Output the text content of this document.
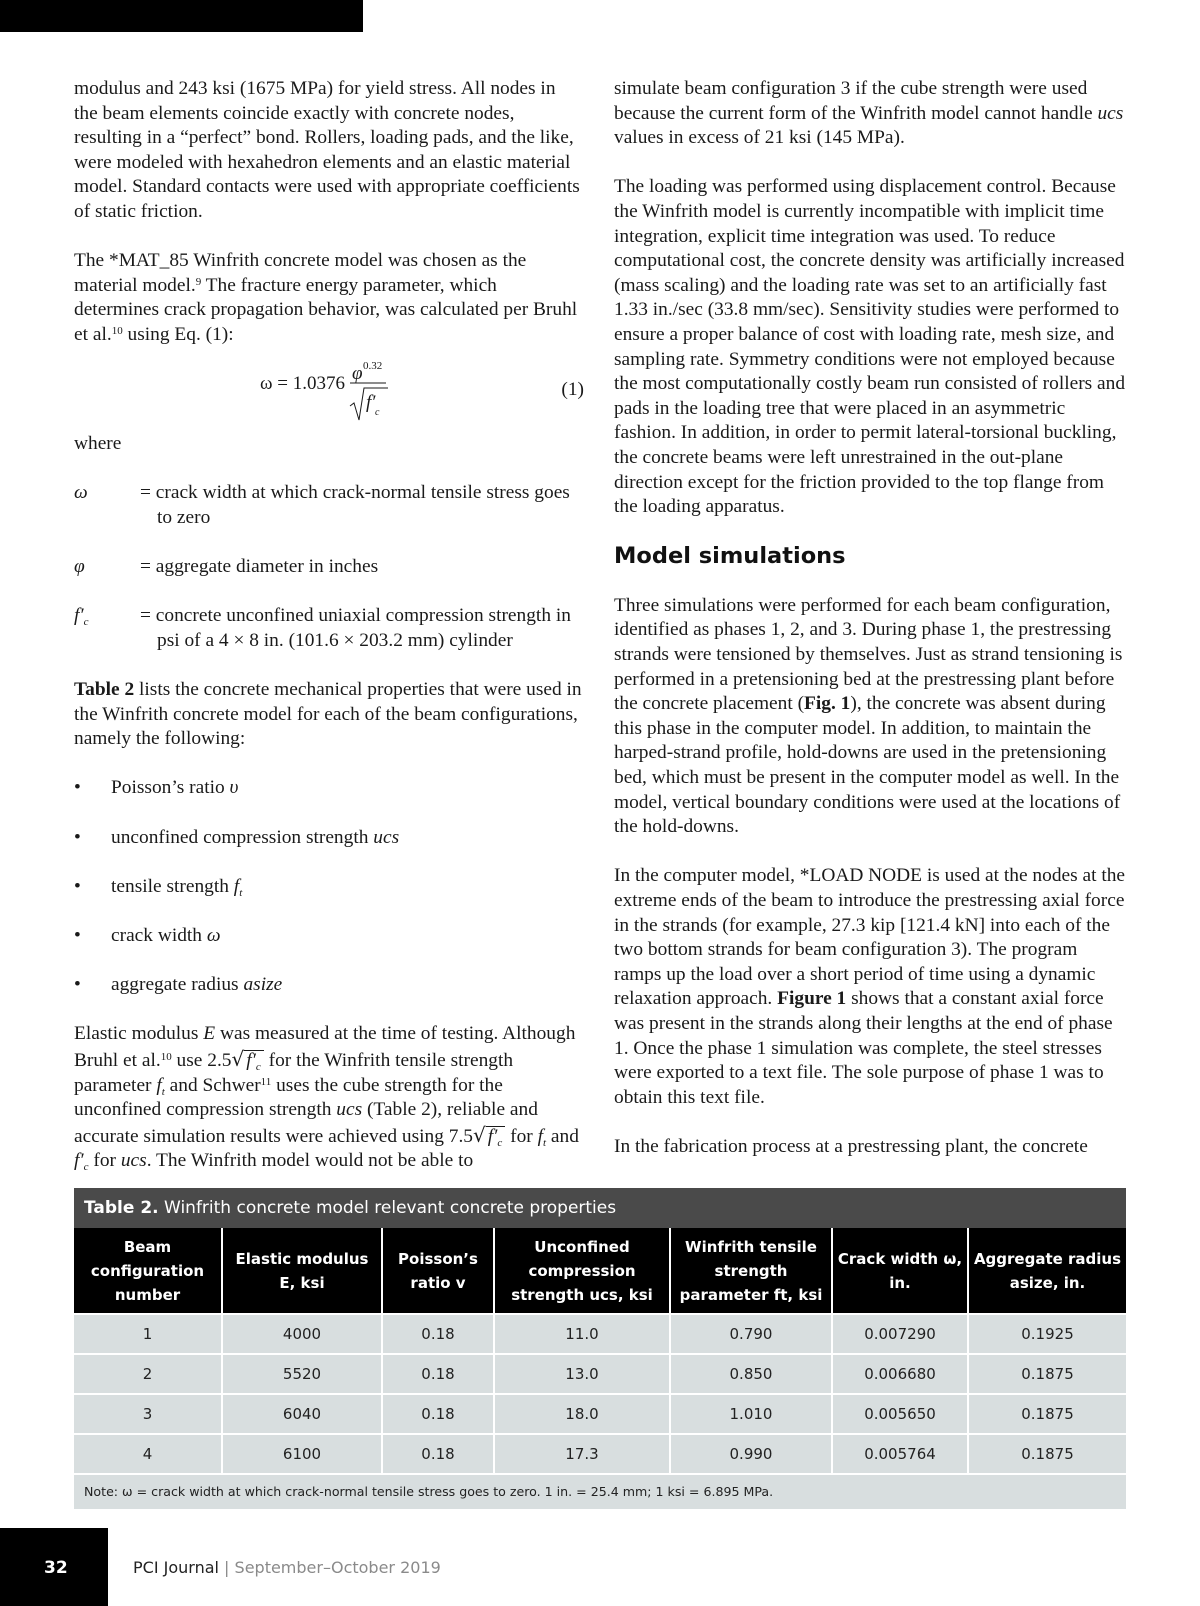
modulus and 243 ksi (1675 MPa) for yield stress. All nodes in the beam elements coincide exactly with concrete nodes, resulting in a “perfect” bond. Rollers, loading pads, and the like, were modeled with hexahedron elements and an elastic material model. Standard contacts were used with appropriate coefficients of static friction.

The *MAT_85 Winfrith concrete model was chosen as the material model.$^9$ The fracture energy parameter, which determines crack propagation behavior, was calculated per Bruhl et al.$^{10}$ using Eq. (1):

ω = 1.0376 φ 0.32
f′ c
(1)

where

ω	= crack width at which crack-normal tensile stress goes to zero
φ	= aggregate diameter in inches
$f'_c$	= concrete unconfined uniaxial compression strength in psi of a 4 × 8 in. (101.6 × 203.2 mm) cylinder

Table 2 lists the concrete mechanical properties that were used in the Winfrith concrete model for each of the beam configurations, namely the following:

•	Poisson’s ratio υ
•	unconfined compression strength ucs
•	tensile strength $f_t$
•	crack width ω
•	aggregate radius asize

Elastic modulus E was measured at the time of testing. Although Bruhl et al.$^{10}$ use 2.5√ $f'_c$ for the Winfrith tensile strength parameter $f_t$ and Schwer$^{11}$ uses the cube strength for the unconfined compression strength ucs (Table 2), reliable and accurate simulation results were achieved using 7.5√ $f'_c$ for $f_t$ and $f'_c$ for ucs. The Winfrith model would not be able to

simulate beam configuration 3 if the cube strength were used because the current form of the Winfrith model cannot handle ucs values in excess of 21 ksi (145 MPa).

The loading was performed using displacement control. Because the Winfrith model is currently incompatible with implicit time integration, explicit time integration was used. To reduce computational cost, the concrete density was artificially increased (mass scaling) and the loading rate was set to an artificially fast 1.33 in./sec (33.8 mm/sec). Sensitivity studies were performed to ensure a proper balance of cost with loading rate, mesh size, and sampling rate. Symmetry conditions were not employed because the most computationally costly beam run consisted of rollers and pads in the loading tree that were placed in an asymmetric fashion. In addition, in order to permit lateral-torsional buckling, the concrete beams were left unrestrained in the out-plane direction except for the friction provided to the top flange from the loading apparatus.

Model simulations

Three simulations were performed for each beam configuration, identified as phases 1, 2, and 3. During phase 1, the prestressing strands were tensioned by themselves. Just as strand tensioning is performed in a pretensioning bed at the prestressing plant before the concrete placement (Fig. 1), the concrete was absent during this phase in the computer model. In addition, to maintain the harped-strand profile, hold-downs are used in the pretensioning bed, which must be present in the computer model as well. In the model, vertical boundary conditions were used at the locations of the hold-downs.

In the computer model, *LOAD NODE is used at the nodes at the extreme ends of the beam to introduce the prestressing axial force in the strands (for example, 27.3 kip [121.4 kN] into each of the two bottom strands for beam configuration 3). The program ramps up the load over a short period of time using a dynamic relaxation approach. Figure 1 shows that a constant axial force was present in the strands along their lengths at the end of phase 1. Once the phase 1 simulation was complete, the steel stresses were exported to a text file. The sole purpose of phase 1 was to obtain this text file.

In the fabrication process at a prestressing plant, the concrete

Table 2. Winfrith concrete model relevant concrete properties
Beam configuration number	Elastic modulus E, ksi	Poisson’s ratio v	Unconfined compression strength ucs, ksi	Winfrith tensile strength parameter ft, ksi	Crack width ω, in.	Aggregate radius asize, in.
1	4000	0.18	11.0	0.790	0.007290	0.1925
2	5520	0.18	13.0	0.850	0.006680	0.1875
3	6040	0.18	18.0	1.010	0.005650	0.1875
4	6100	0.18	17.3	0.990	0.005764	0.1875
Note: ω = crack width at which crack-normal tensile stress goes to zero. 1 in. = 25.4 mm; 1 ksi = 6.895 MPa.
32	PCI Journal | September–October 2019
